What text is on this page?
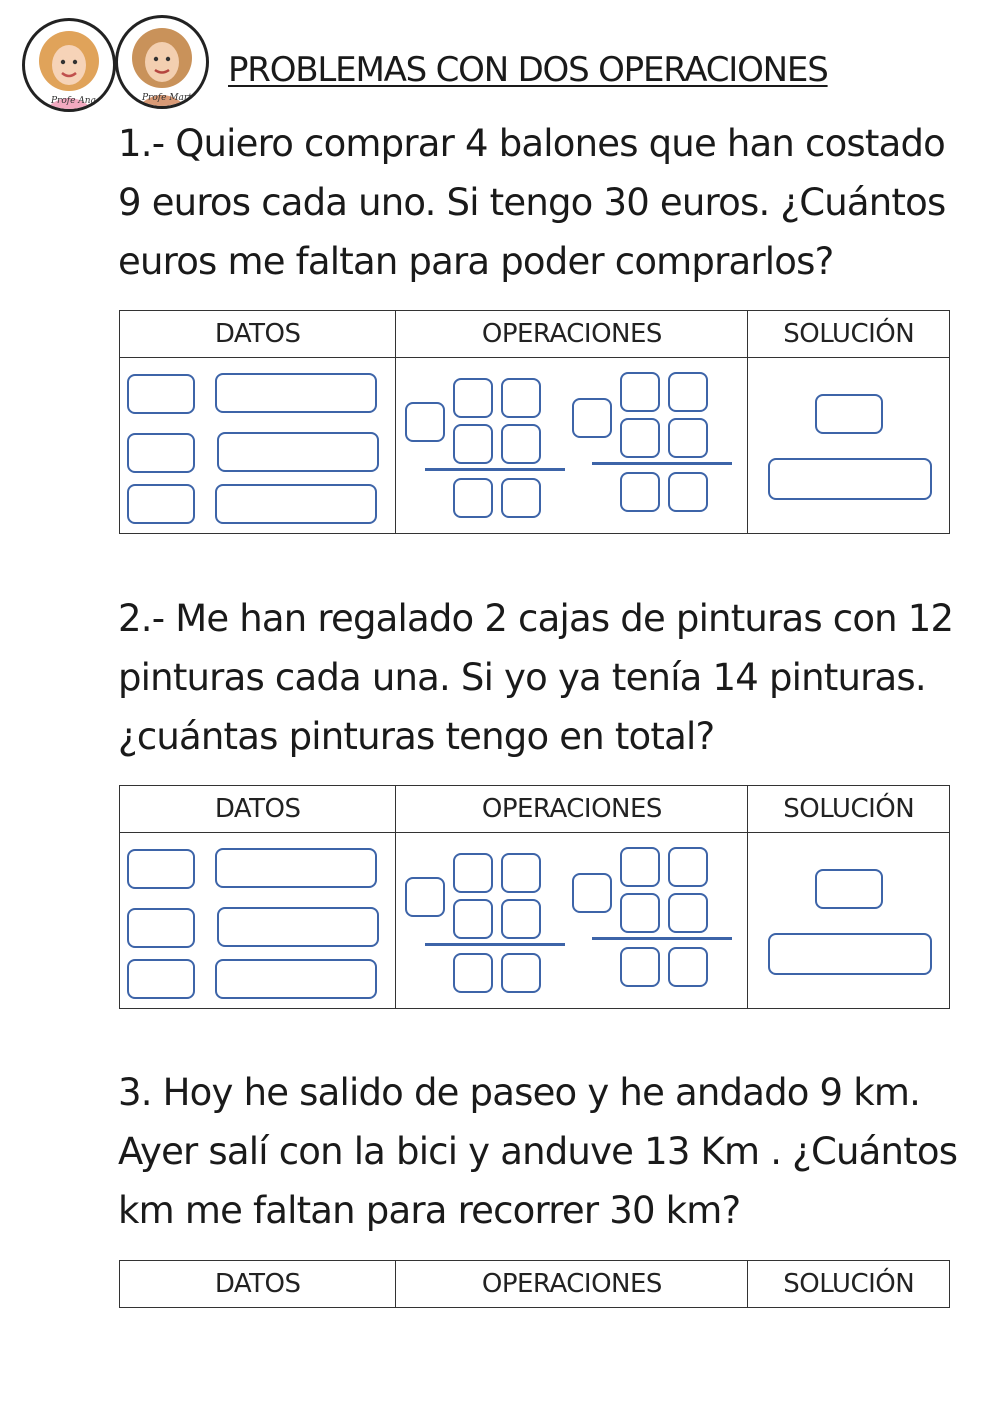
Profe Ana	Profe Marta
PROBLEMAS CON DOS OPERACIONES
1.- Quiero comprar 4 balones que han costado
9 euros cada uno. Si tengo 30 euros. ¿Cuántos
euros me faltan para poder comprarlos?
DATOS	OPERACIONES	SOLUCIÓN
2.- Me han regalado 2 cajas de pinturas con 12
pinturas cada una. Si yo ya tenía 14 pinturas.
¿cuántas pinturas tengo en total?
DATOS	OPERACIONES	SOLUCIÓN
3. Hoy he salido de paseo y he andado 9 km.
Ayer salí con la bici y anduve 13 Km . ¿Cuántos
km me faltan para recorrer 30 km?
DATOS	OPERACIONES	SOLUCIÓN
